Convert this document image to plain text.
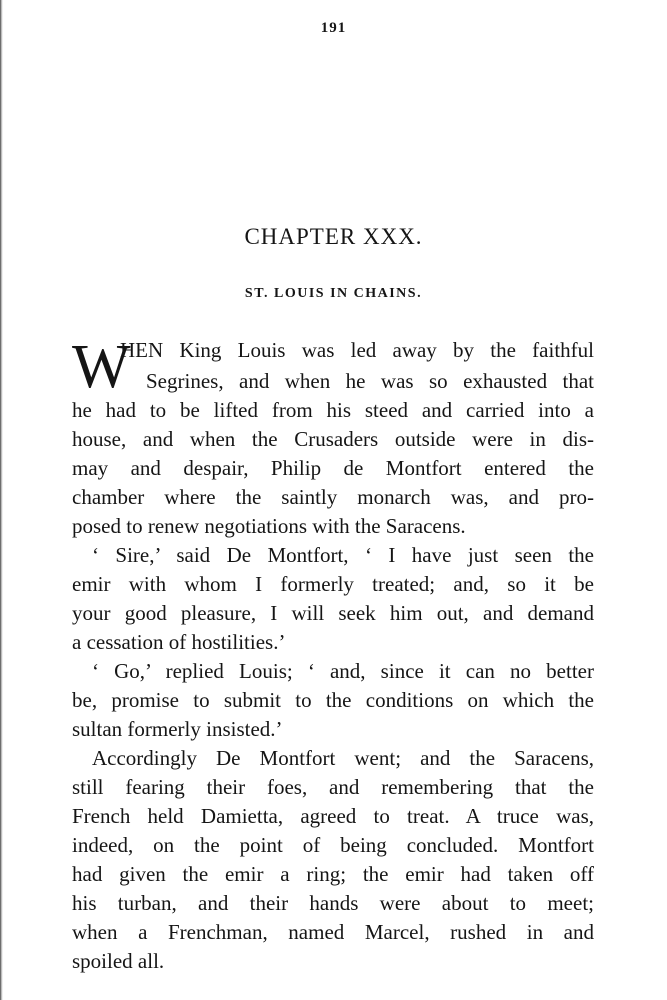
191
CHAPTER XXX.
ST. LOUIS IN CHAINS.
W
HEN King Louis was led away by the faithful
Segrines, and when he was so exhausted that
he had to be lifted from his steed and carried into a
house, and when the Crusaders outside were in dis-
may and despair, Philip de Montfort entered the
chamber where the saintly monarch was, and pro-
posed to renew negotiations with the Saracens.
‘ Sire,’ said De Montfort, ‘ I have just seen the
emir with whom I formerly treated; and, so it be
your good pleasure, I will seek him out, and demand
a cessation of hostilities.’
‘ Go,’ replied Louis; ‘ and, since it can no better
be, promise to submit to the conditions on which the
sultan formerly insisted.’
Accordingly De Montfort went; and the Saracens,
still fearing their foes, and remembering that the
French held Damietta, agreed to treat. A truce was,
indeed, on the point of being concluded. Montfort
had given the emir a ring; the emir had taken off
his turban, and their hands were about to meet;
when a Frenchman, named Marcel, rushed in and
spoiled all.
